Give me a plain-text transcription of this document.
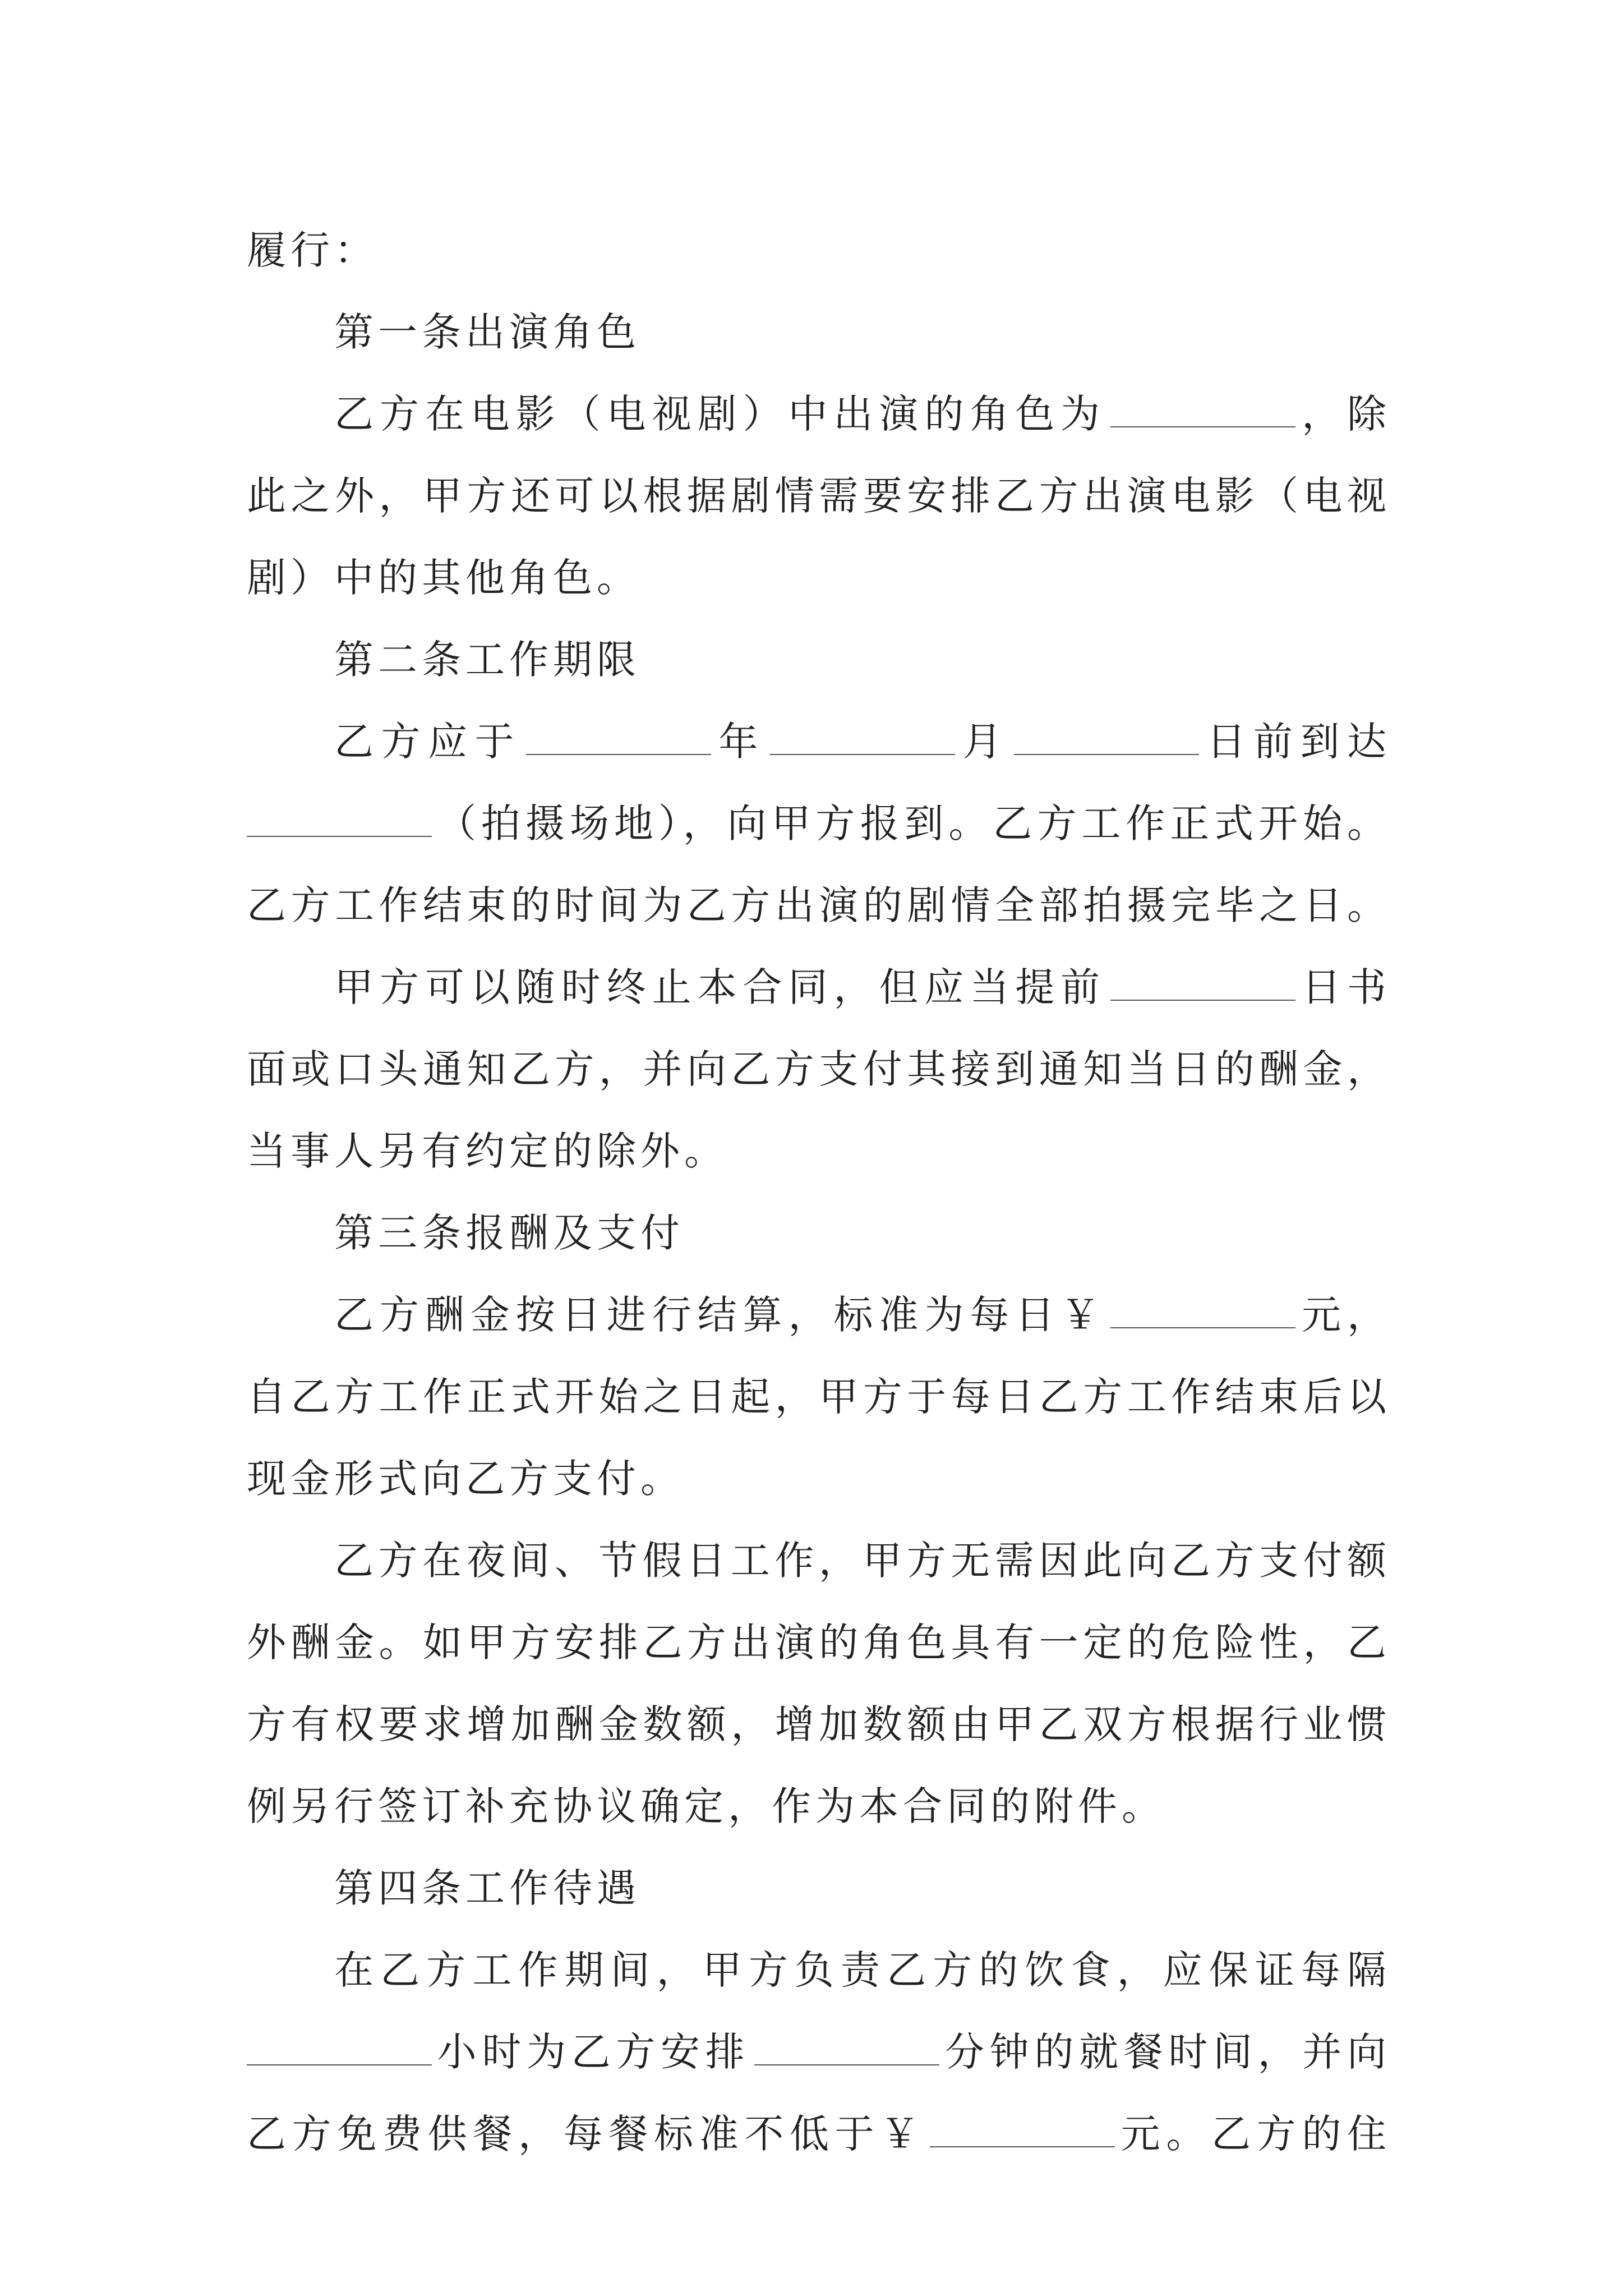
履行：
第一条出演角色
乙方在电影（电视剧）中出演的角色为	，除
此之外，甲方还可以根据剧情需要安排乙方出演电影（电视
剧）中的其他角色。
第二条工作期限
乙方应于	年	月	日前到达
（拍摄场地），向甲方报到。乙方工作正式开始。
乙方工作结束的时间为乙方出演的剧情全部拍摄完毕之日。
甲方可以随时终止本合同，但应当提前	日书
面或口头通知乙方，并向乙方支付其接到通知当日的酬金，
当事人另有约定的除外。
第三条报酬及支付
乙方酬金按日进行结算，标准为每日￥	元，
自乙方工作正式开始之日起，甲方于每日乙方工作结束后以
现金形式向乙方支付。
乙方在夜间、节假日工作，甲方无需因此向乙方支付额
外酬金。如甲方安排乙方出演的角色具有一定的危险性，乙
方有权要求增加酬金数额，增加数额由甲乙双方根据行业惯
例另行签订补充协议确定，作为本合同的附件。
第四条工作待遇
在乙方工作期间，甲方负责乙方的饮食，应保证每隔
小时为乙方安排	分钟的就餐时间，并向
乙方免费供餐，每餐标准不低于￥	元。乙方的住
